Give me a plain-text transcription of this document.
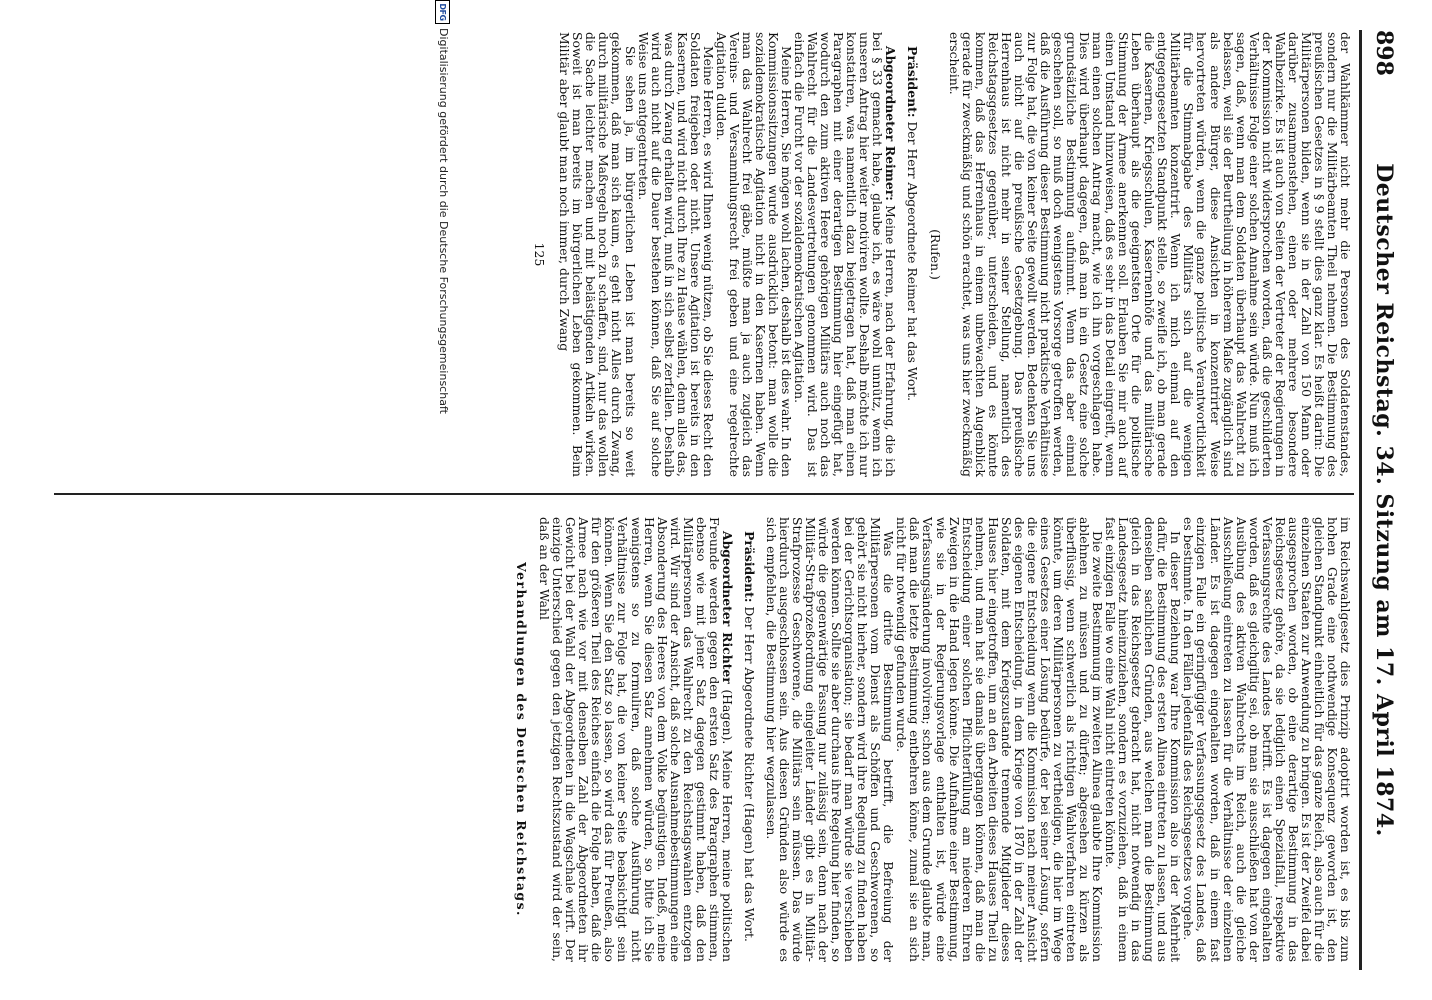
898
Deutscher Reichstag. 34. Sitzung am 17. April 1874.

der Wahlkämmer nicht mehr die Personen des Soldatenstandes, sondern nur die Militärbeamten Theil nehmen. Die Bestimmung des preußischen Gesetzes in § 9 stellt dies ganz klar. Es heißt darin: Die Militärpersonen bilden, wenn sie in der Zahl von 150 Mann oder darüber zusammenstehen, einen oder mehrere besondere Wahlbezirke. Es ist auch von Seiten der Vertreter der Regierungen in der Kommission nicht widersprochen worden, daß die geschilderten Verhältnisse Folge einer solchen Annahme sein würde. Nun muß ich sagen, daß, wenn man dem Soldaten überhaupt das Wahlrecht zu belassen, weil sie der Beurtheilung in höherem Maße zugänglich sind als andere Bürger, diese Ansichten in konzentrirter Weise hervortreten würden, wenn die ganze politische Verantwortlichkeit für die Stimmabgabe des Militärs sich auf die wenigen Militärbeamten konzentrirt. Wenn ich mich einmal auf den entgegengesetzten Standpunkt stelle, so zweifle ich, ob man gerade die Kasernen, Kriegsschulen, Kasernenhöfe und das militärische Leben überhaupt als die geeignetsten Orte für die politische Stimmung der Armee anerkennen soll. Erlauben Sie mir auch auf einen Umstand hinzuweisen, daß es sehr in das Detail eingreift, wenn man einen solchen Antrag macht, wie ich ihn vorgeschlagen habe. Dies wird überhaupt dagegen, daß man in ein Gesetz eine solche grundsätzliche Bestimmung aufnimmt. Wenn das aber einmal geschehen soll, so muß doch wenigstens Vorsorge getroffen werden, daß die Ausführung dieser Bestimmung nicht praktische Verhältnisse zur Folge hat, die von keiner Seite gewollt werden. Bedenken Sie uns auch nicht auf die preußische Gesetzgebung. Das preußische Herrenhaus ist nicht mehr in seiner Stellung, namentlich des Reichstagsgesetzes gegenüber, unterscheiden, und es könnte kommen, daß das Herrenhaus in einem unbewachten Augenblick gerade für zweckmäßig und schön erachtet, was uns hier zweckmäßig erscheint.

(Rufen.)

Präsident: Der Herr Abgeordnete Reimer hat das Wort.

Abgeordneter Reimer: Meine Herren, nach der Erfahrung, die ich bei § 33 gemacht habe, glaube ich, es wäre wohl unnütz, wenn ich unseren Antrag hier weiter motiviren wollte. Deshalb möchte ich nur konstatiren, was namentlich dazu beigetragen hat, daß man einen Paragraphen mit einer derartigen Bestimmung hier eingefügt hat, wodurch den zum aktiven Heere gehörigen Militärs auch noch das Wahlrecht für die Landesvertretungen genommen wird. Das ist einfach die Furcht vor der sozialdemokratischen Agitation.

Meine Herren, Sie mögen wohl lachen, deshalb ist dies wahr. In den Kommissionssitzungen wurde ausdrücklich betont: man wolle die sozialdemokratische Agitation nicht in den Kasernen haben. Wenn man das Wahlrecht frei gäbe, müßte man ja auch zugleich das Vereins- und Versammlungsrecht frei geben und eine regelrechte Agitation dulden.

Meine Herren, es wird Ihnen wenig nützen, ob Sie dieses Recht den Soldaten freigeben oder nicht. Unsere Agitation ist bereits in den Kasernen, und wird nicht durch Ihre zu Hause wählen, denn alles das, was durch Zwang erhalten wird, muß in sich selbst zerfallen. Deshalb wird auch nicht auf die Dauer bestehen können, daß Sie auf solche Weise uns entgegentreten.

Sie sehen ja, im bürgerlichen Leben ist man bereits so weit gekommen, daß man sich kaum, es geht nicht Alles durch Zwang, durch militärische Maßregeln noch zu schaffen, sind, nur das wollen die Sache leichter machen und mit belästigenden Artikeln wirken. Soweit ist man bereits im bürgerlichen Leben gekommen. Beim Militär aber glaubt man noch immer, durch Zwang

125

im Reichswahlgesetz dies Prinzip adoptirt worden ist, es bis zum hohen Grade eine nothwendige Konsequenz geworden ist, den gleichen Standpunkt einheitlich für das ganze Reich, also auch für die einzelnen Staaten zur Anwendung zu bringen. Es ist der Zweifel dabei ausgesprochen worden, ob eine derartige Bestimmung in das Reichsgesetz gehöre, da sie lediglich einen Spezialfall, respektive Verfassungsrechte des Landes betrifft. Es ist dagegen eingehalten worden, daß es gleichgiltig sei, ob man sie ausschließen hat von der Ausübung des aktiven Wahlrechts im Reich, auch die gleiche Ausschließung eintreten zu lassen für die Verhältnisse der einzelnen Länder. Es ist dagegen eingehalten worden, daß in einem fast einzigen Falle ein geringfügiger Verfassungsgesetz des Landes, daß es bestimmte. In den Fällen jedenfalls des Reichsgesetzes vorgehe.

In dieser Beziehung war Ihre Kommission also in der Mehrheit dafür, die Bestimmung des ersten Alinea eintreten zu lassen, und aus denselben sachlichen Gründen, aus welchen man die Bestimmung gleich in das Reichsgesetz gebracht hat, nicht notwendig in das Landesgesetz hineinzuziehen, sondern es vorzuziehen, daß in einem fast einzigen Falle wo eine Wahl nicht eintreten könnte.

Die zweite Bestimmung im zweiten Alinea glaubte Ihre Kommission ablehnen zu müssen und zu dürfen; abgesehen zu kürzen als überflüssig, wenn schwerlich als richtigen Wahlverfahren eintreten könnte, um deren Militärpersonen zu vertheidigen, die hier im Wege eines Gesetzes einer Lösung bedürfe, der bei seiner Lösung, sofern die eigene Entscheidung wenn die Kommission nach meiner Ansicht des eigenen Entscheidung, in dem Kriege von 1870 in der Zahl der Soldaten, mit dem Kriegszustande trennende Mitglieder dieses Hauses hier eingetroffen, um an den Arbeiten dieses Hauses Theil zu nehmen, und man hat sie damals übergangen können, daß man die Entscheidung einer solchen Pflichterfüllung am niederen Ehren Zweigen in die Hand legen könne. Die Aufnahme einer Bestimmung, wie sie in der Regierungsvorlage enthalten ist, würde eine Verfassungsänderung involviren; schon aus dem Grunde glaubte man, daß man die letzte Bestimmung entbehren könne, zumal sie an sich nicht für notwendig gefunden wurde.

Was die dritte Bestimmung betrifft, die Befreiung der Militärpersonen vom Dienst als Schöffen und Geschworenen, so gehört sie nicht hierher, sondern wird ihre Regelung zu finden haben bei der Gerichtsorganisation; sie bedarf man würde sie verschieben werden können. Sollte sie aber durchaus ihre Regelung hier finden, so würde die gegenwärtige Fassung nur zulässig sein, denn nach der Militär-Strafprozeßordnung eingeleiter Länder gibt es in Militär-Strafprozesse Geschworene, die Militärs sein müssen. Das würde hierdurch ausgeschlossen sein. Aus diesen Gründen also würde es sich empfehlen, die Bestimmung hier wegzulassen.

Präsident: Der Herr Abgeordnete Richter (Hagen) hat das Wort.

Abgeordneter Richter (Hagen). Meine Herren, meine politischen Freunde werden gegen den ersten Satz des Paragraphen stimmen, ebenso wie mit jener Satz dagegen gestimmt haben, daß den Militärpersonen das Wahlrecht zu den Reichstagswahlen entzogen wird. Wir sind der Ansicht, daß solche Ausnahmebestimmungen eine Absonderung des Heeres von dem Volke begünstigen. Indeß, meine Herren, wenn Sie diesen Satz annehmen würden, so bitte ich Sie wenigstens so zu formuliren, daß solche Ausführung nicht Verhältnisse zur Folge hat, die von keiner Seite beabsichtigt sein können. Wenn Sie den Satz so lassen, so wird das für Preußen, also für den größeren Theil des Reiches einfach die Folge haben, daß die Armee nach wie vor mit denselben Zahl der Abgeordneten ihr Gewicht bei der Wahl der Abgeordneten in die Wagschale wirft. Der einzige Unterschied gegen den jetzigen Rechtszustand wird der sein, daß an der Wahl

Verhandlungen des Deutschen Reichstags.

DFG
Digitalisierung gefördert durch die Deutsche Forschungsgemeinschaft
